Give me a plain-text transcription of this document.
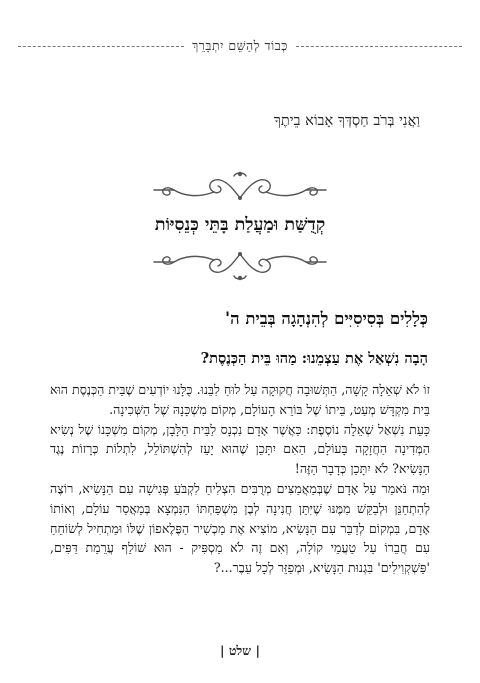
כְּבוֹד לְהַשֵּׁם יִתְבָּרֵךְ
וַאֲנִי בְּרֹב חַסְדְּךָ אָבוֹא בֵיתֶךָ
קְדֻשַּׁת וּמַעֲלַת בָּתֵּי כְּנֵסִיּוֹת
כְּלָלִים בְּסִיסִיִּים לְהִנְהָגָה בְּבֵית ה'
הָבָה נִשְׁאַל אֶת עַצְמֵנוּ: מַהוּ בֵּית הַכְּנֶסֶת?

זוֹ לֹא שְׁאֵלָה קָשָׁה, הַתְּשׁוּבָה חֲקוּקָה עַל לוּחַ לִבֵּנוּ. כֻּלָּנוּ יוֹדְעִים שֶׁבֵּית הַכְּנֶסֶת הוּא בֵּית מִקְדָּשׁ מְעַט, בֵּיתוֹ שֶׁל בּוֹרֵא הָעוֹלָם, מְקוֹם מִשְׁכָּנָהּ שֶׁל הַשְּׁכִינָה.

כָּעֵת נִשְׁאַל שְׁאֵלָה נוֹסֶפֶת: כַּאֲשֶׁר אָדָם נִכְנָס לַבֵּית הַלָּבָן, מְקוֹם מִשְׁכָּנוֹ שֶׁל נְשִׂיא הַמְּדִינָה הַחֲזָקָה בָּעוֹלָם, הַאִם יִתָּכֵן שֶׁהוּא יָעֵז לְהִשְׁתּוֹלֵל, לִתְלוֹת כְּרָזוֹת נֶגֶד הַנָּשִׂיא? לֹא יִתָּכֵן כְּדָבָר הַזֶּה!

וּמַה נֹּאמַר עַל אָדָם שֶׁבְּמַאֲמַצִּים מְרֻבִּים הִצְלִיחַ לִקְבֹּעַ פְּגִישָׁה עִם הַנָּשִׂיא, רוֹצֶה לְהִתְחַנֵּן וּלְבַקֵּשׁ מִמֶּנּוּ שֶׁיִּתֵּן חֲנִינָה לְבֶן מִשְׁפַּחְתּוֹ הַנִּמְצָא בְּמַאֲסַר עוֹלָם, וְאוֹתוֹ אָדָם, בִּמְקוֹם לְדַבֵּר עִם הַנָּשִׂיא, מוֹצִיא אֶת מַכְשִׁיר הַפֶּלֶאפוֹן שֶׁלּוֹ וּמַתְחִיל לְשׂוֹחֵחַ עִם חֲבֵרוֹ עַל טַעֲמֵי קוֹלָה, וְאִם זֶה לֹא מַסְפִּיק - הוּא שׁוֹלֵף עֲרֵמַת דַּפִּים, 'פַּשְׁקְוִילִים' בִּגְנוּת הַנָּשִׂיא, וּמְפַזֵּר לְכָל עֵבֶר...?

| שלט |
